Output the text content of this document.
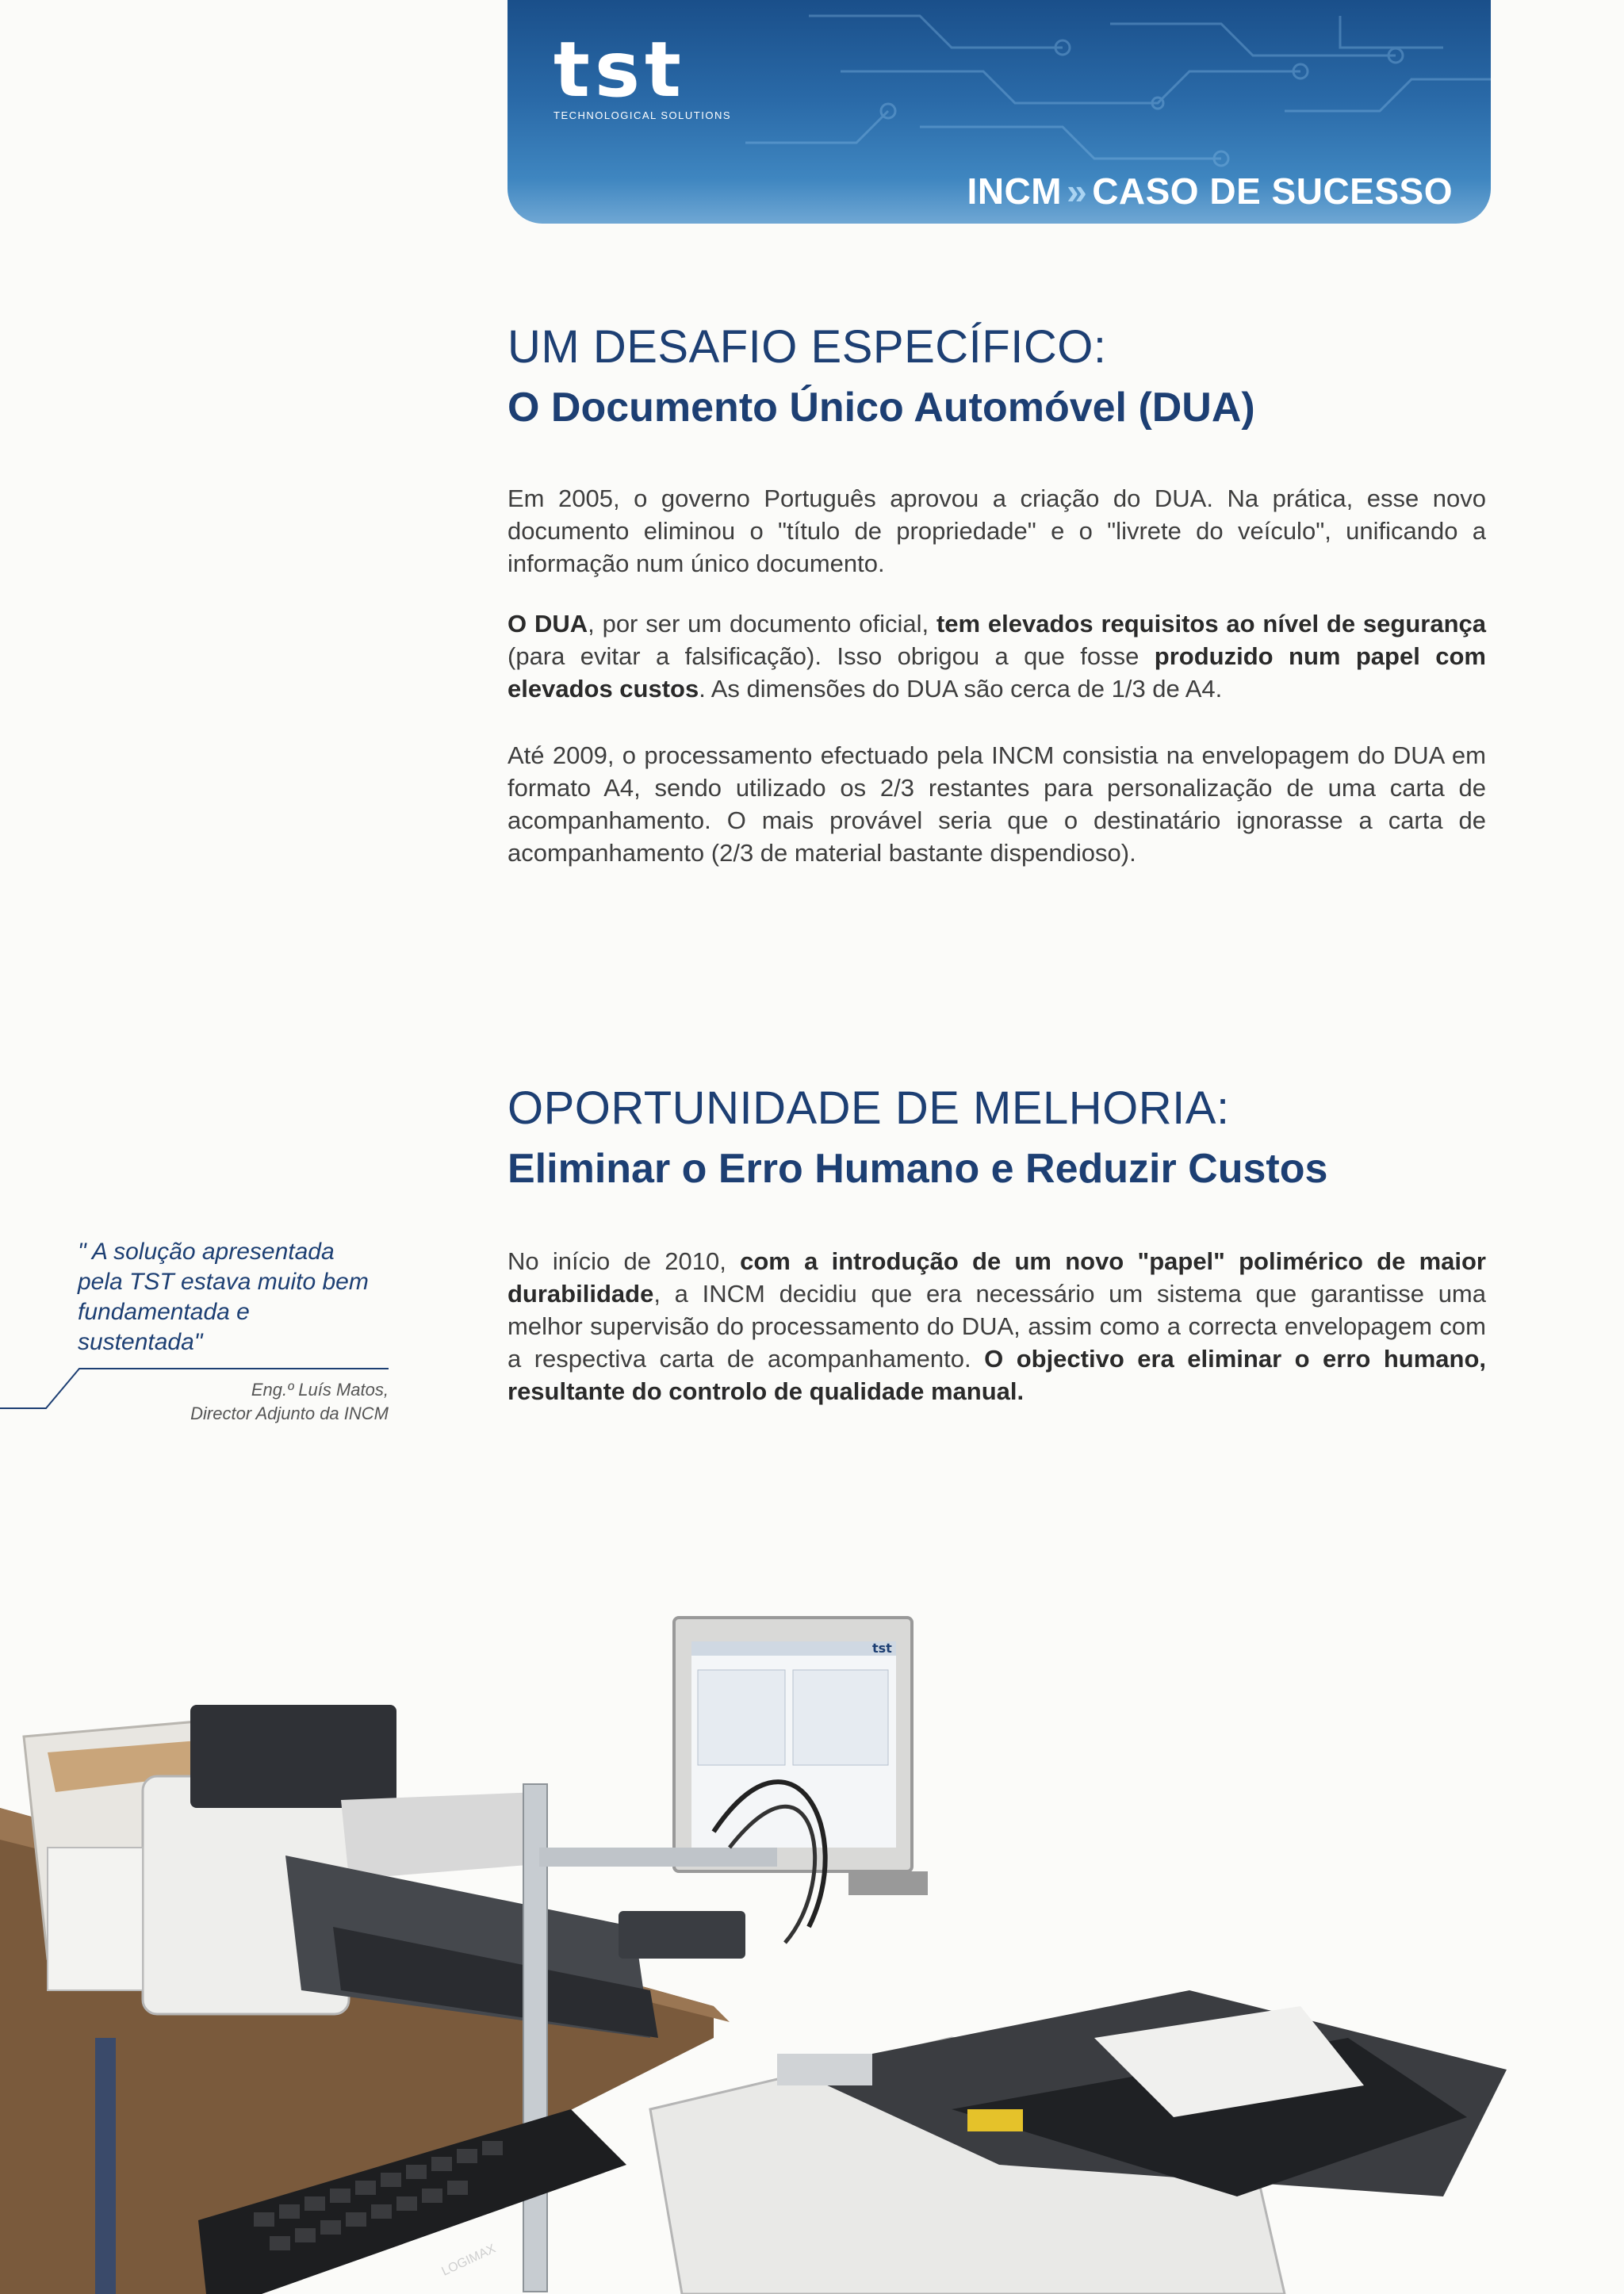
tst
TECHNOLOGICAL SOLUTIONS
INCM » CASO DE SUCESSO
UM DESAFIO ESPECÍFICO:
O Documento Único Automóvel (DUA)

Em 2005, o governo Português aprovou a criação do DUA. Na prática, esse novo documento eliminou o "título de propriedade" e o "livrete do veículo", unificando a informação num único documento.

O DUA, por ser um documento oficial, tem elevados requisitos ao nível de segurança (para evitar a falsificação). Isso obrigou a que fosse produzido num papel com elevados custos. As dimensões do DUA são cerca de 1/3 de A4.

Até 2009, o processamento efectuado pela INCM consistia na envelopagem do DUA em formato A4, sendo utilizado os 2/3 restantes para personalização de uma carta de acompanhamento. O mais provável seria que o destinatário ignorasse a carta de acompanhamento (2/3 de material bastante dispendioso).

OPORTUNIDADE DE MELHORIA:
Eliminar o Erro Humano e Reduzir Custos

No início de 2010, com a introdução de um novo "papel" polimérico de maior durabilidade, a INCM decidiu que era necessário um sistema que garantisse uma melhor supervisão do processamento do DUA, assim como a correcta envelopagem com a respectiva carta de acompanhamento. O objectivo era eliminar o erro humano, resultante do controlo de qualidade manual.

" A solução apresentada pela TST estava muito bem fundamentada e sustentada"

Eng.º Luís Matos,
Director Adjunto da INCM
tst
LOGIMAX
